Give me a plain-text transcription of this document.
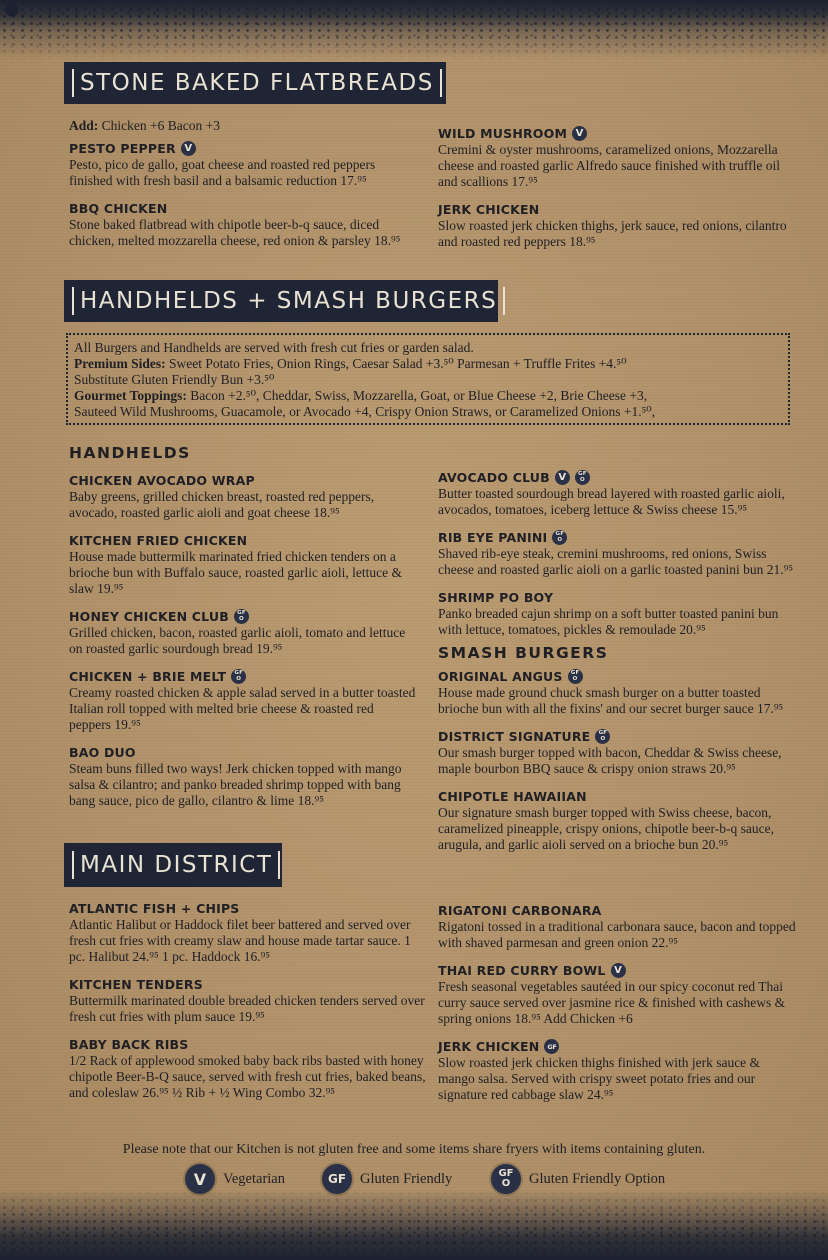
STONE BAKED FLATBREADS
Add: Chicken +6 Bacon +3
PESTO PEPPER V
Pesto, pico de gallo, goat cheese and roasted red peppers finished with fresh basil and a balsamic reduction 17.⁹⁵
BBQ CHICKEN
Stone baked flatbread with chipotle beer-b-q sauce, diced chicken, melted mozzarella cheese, red onion & parsley 18.⁹⁵
WILD MUSHROOM V
Cremini & oyster mushrooms, caramelized onions, Mozzarella cheese and roasted garlic Alfredo sauce finished with truffle oil and scallions 17.⁹⁵
JERK CHICKEN
Slow roasted jerk chicken thighs, jerk sauce, red onions, cilantro and roasted red peppers 18.⁹⁵
HANDHELDS + SMASH BURGERS
All Burgers and Handhelds are served with fresh cut fries or garden salad.
Premium Sides: Sweet Potato Fries, Onion Rings, Caesar Salad +3.⁵⁰ Parmesan + Truffle Frites +4.⁵⁰
Substitute Gluten Friendly Bun +3.⁵⁰
Gourmet Toppings: Bacon +2.⁵⁰, Cheddar, Swiss, Mozzarella, Goat, or Blue Cheese +2, Brie Cheese +3,
Sauteed Wild Mushrooms, Guacamole, or Avocado +4, Crispy Onion Straws, or Caramelized Onions +1.⁵⁰,
HANDHELDS
CHICKEN AVOCADO WRAP
Baby greens, grilled chicken breast, roasted red peppers, avocado, roasted garlic aioli and goat cheese 18.⁹⁵
KITCHEN FRIED CHICKEN
House made buttermilk marinated fried chicken tenders on a brioche bun with Buffalo sauce, roasted garlic aioli, lettuce & slaw 19.⁹⁵
HONEY CHICKEN CLUB GF
O
Grilled chicken, bacon, roasted garlic aioli, tomato and lettuce on roasted garlic sourdough bread 19.⁹⁵
CHICKEN + BRIE MELT GF
O
Creamy roasted chicken & apple salad served in a butter toasted Italian roll topped with melted brie cheese & roasted red peppers 19.⁹⁵
BAO DUO
Steam buns filled two ways! Jerk chicken topped with mango salsa & cilantro; and panko breaded shrimp topped with bang bang sauce, pico de gallo, cilantro & lime 18.⁹⁵
AVOCADO CLUB V	GF
O
Butter toasted sourdough bread layered with roasted garlic aioli, avocados, tomatoes, iceberg lettuce & Swiss cheese 15.⁹⁵
RIB EYE PANINI GF
O
Shaved rib-eye steak, cremini mushrooms, red onions, Swiss cheese and roasted garlic aioli on a garlic toasted panini bun 21.⁹⁵
SHRIMP PO BOY
Panko breaded cajun shrimp on a soft butter toasted panini bun with lettuce, tomatoes, pickles & remoulade 20.⁹⁵
SMASH BURGERS
ORIGINAL ANGUS GF
O
House made ground chuck smash burger on a butter toasted brioche bun with all the fixins' and our secret burger sauce 17.⁹⁵
DISTRICT SIGNATURE GF
O
Our smash burger topped with bacon, Cheddar & Swiss cheese, maple bourbon BBQ sauce & crispy onion straws 20.⁹⁵
CHIPOTLE HAWAIIAN
Our signature smash burger topped with Swiss cheese, bacon, caramelized pineapple, crispy onions, chipotle beer-b-q sauce, arugula, and garlic aioli served on a brioche bun 20.⁹⁵
MAIN DISTRICT
ATLANTIC FISH + CHIPS
Atlantic Halibut or Haddock filet beer battered and served over fresh cut fries with creamy slaw and house made tartar sauce. 1 pc. Halibut 24.⁹⁵ 1 pc. Haddock 16.⁹⁵
KITCHEN TENDERS
Buttermilk marinated double breaded chicken tenders served over fresh cut fries with plum sauce 19.⁹⁵
BABY BACK RIBS
1/2 Rack of applewood smoked baby back ribs basted with honey chipotle Beer-B-Q sauce, served with fresh cut fries, baked beans, and coleslaw 26.⁹⁵ ½ Rib + ½ Wing Combo 32.⁹⁵
RIGATONI CARBONARA
Rigatoni tossed in a traditional carbonara sauce, bacon and topped with shaved parmesan and green onion 22.⁹⁵
THAI RED CURRY BOWL V
Fresh seasonal vegetables sautéed in our spicy coconut red Thai curry sauce served over jasmine rice & finished with cashews & spring onions 18.⁹⁵ Add Chicken +6
JERK CHICKEN	GF
Slow roasted jerk chicken thighs finished with jerk sauce & mango salsa. Served with crispy sweet potato fries and our signature red cabbage slaw 24.⁹⁵
Please note that our Kitchen is not gluten free and some items share fryers with items containing gluten.
V Vegetarian	GF Gluten Friendly	GF
O Gluten Friendly Option
